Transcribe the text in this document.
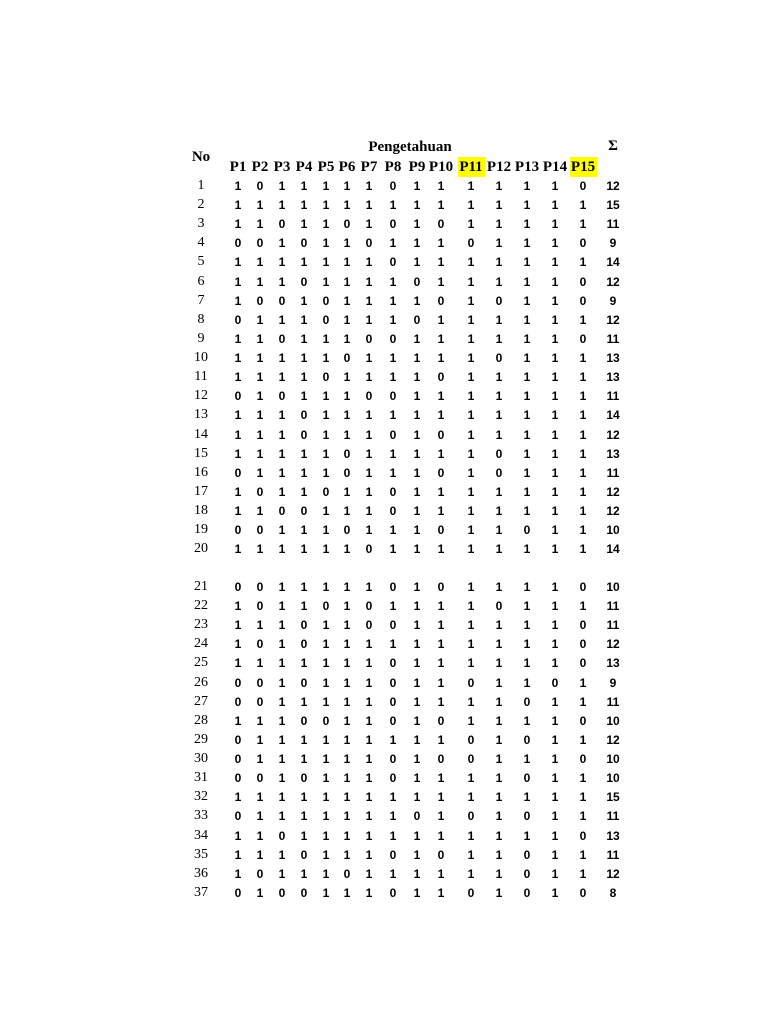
No
Pengetahuan	Σ
P1 P2 P3 P4 P5 P6 P7 P8 P9 P10 P11 P12 P13 P14 P15
1	1	0	1	1	1	1	1	0	1	1	1	1	1	1	0	12
2	1	1	1	1	1	1	1	1	1	1	1	1	1	1	1	15
3	1	1	0	1	1	0	1	0	1	0	1	1	1	1	1	11
4	0	0	1	0	1	1	0	1	1	1	0	1	1	1	0	9
5	1	1	1	1	1	1	1	0	1	1	1	1	1	1	1	14
6	1	1	1	0	1	1	1	1	0	1	1	1	1	1	0	12
7	1	0	0	1	0	1	1	1	1	0	1	0	1	1	0	9
8	0	1	1	1	0	1	1	1	0	1	1	1	1	1	1	12
9	1	1	0	1	1	1	0	0	1	1	1	1	1	1	0	11
10	1	1	1	1	1	0	1	1	1	1	1	0	1	1	1	13
11	1	1	1	1	0	1	1	1	1	0	1	1	1	1	1	13
12	0	1	0	1	1	1	0	0	1	1	1	1	1	1	1	11
13	1	1	1	0	1	1	1	1	1	1	1	1	1	1	1	14
14	1	1	1	0	1	1	1	0	1	0	1	1	1	1	1	12
15	1	1	1	1	1	0	1	1	1	1	1	0	1	1	1	13
16	0	1	1	1	1	0	1	1	1	0	1	0	1	1	1	11
17	1	0	1	1	0	1	1	0	1	1	1	1	1	1	1	12
18	1	1	0	0	1	1	1	0	1	1	1	1	1	1	1	12
19	0	0	1	1	1	0	1	1	1	0	1	1	0	1	1	10
20	1	1	1	1	1	1	0	1	1	1	1	1	1	1	1	14
21	0	0	1	1	1	1	1	0	1	0	1	1	1	1	0	10
22	1	0	1	1	0	1	0	1	1	1	1	0	1	1	1	11
23	1	1	1	0	1	1	0	0	1	1	1	1	1	1	0	11
24	1	0	1	0	1	1	1	1	1	1	1	1	1	1	0	12
25	1	1	1	1	1	1	1	0	1	1	1	1	1	1	0	13
26	0	0	1	0	1	1	1	0	1	1	0	1	1	0	1	9
27	0	0	1	1	1	1	1	0	1	1	1	1	0	1	1	11
28	1	1	1	0	0	1	1	0	1	0	1	1	1	1	0	10
29	0	1	1	1	1	1	1	1	1	1	0	1	0	1	1	12
30	0	1	1	1	1	1	1	0	1	0	0	1	1	1	0	10
31	0	0	1	0	1	1	1	0	1	1	1	1	0	1	1	10
32	1	1	1	1	1	1	1	1	1	1	1	1	1	1	1	15
33	0	1	1	1	1	1	1	1	0	1	0	1	0	1	1	11
34	1	1	0	1	1	1	1	1	1	1	1	1	1	1	0	13
35	1	1	1	0	1	1	1	0	1	0	1	1	0	1	1	11
36	1	0	1	1	1	0	1	1	1	1	1	1	0	1	1	12
37	0	1	0	0	1	1	1	0	1	1	0	1	0	1	0	8
